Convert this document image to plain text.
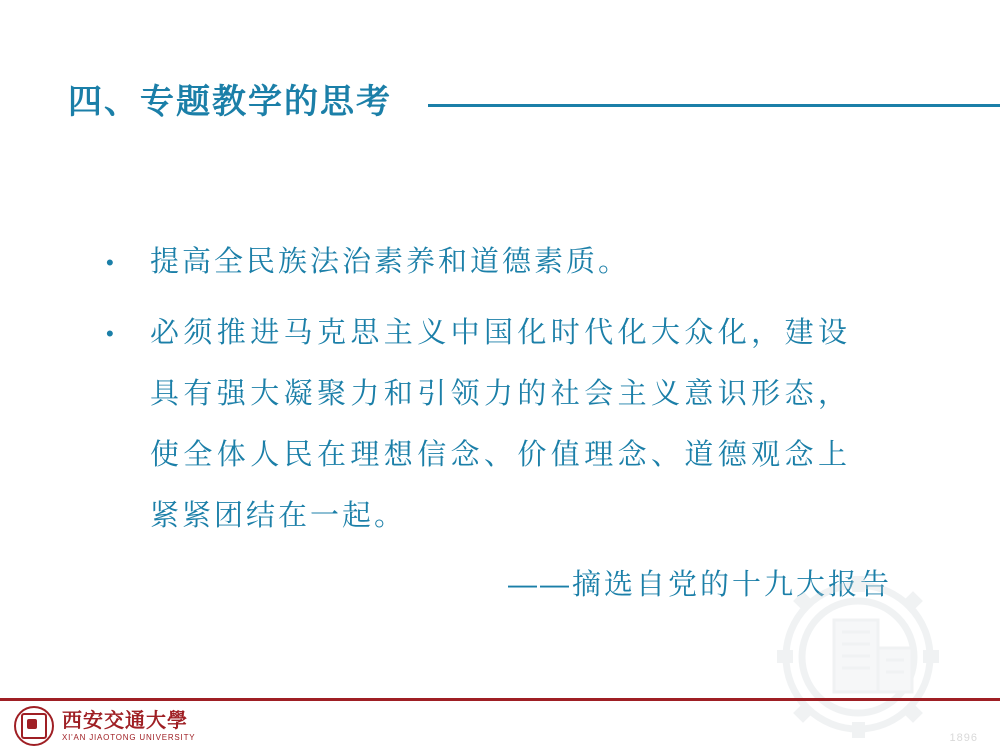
四、专题教学的思考
•	提高全民族法治素养和道德素质。
•	必须推进马克思主义中国化时代化大众化，建设具有强大凝聚力和引领力的社会主义意识形态，使全体人民在理想信念、价值理念、道德观念上紧紧团结在一起。
——摘选自党的十九大报告
西安交通大學
XI'AN JIAOTONG UNIVERSITY	1896
